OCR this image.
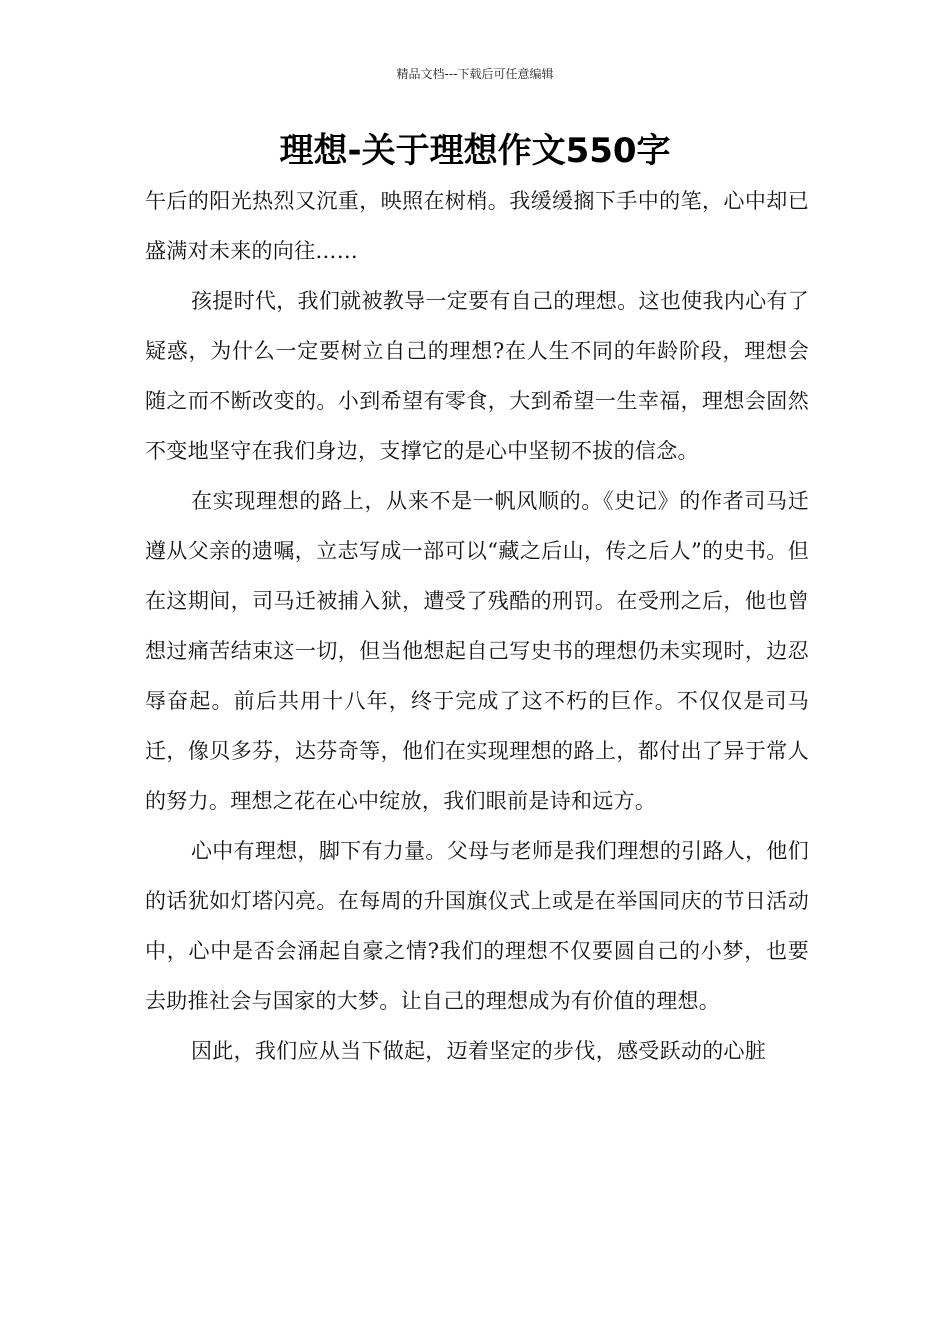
精品文档---下载后可任意编辑
理想-关于理想作文550字

午后的阳光热烈又沉重，映照在树梢。我缓缓搁下手中的笔，心中却已盛满对未来的向往……

孩提时代，我们就被教导一定要有自己的理想。这也使我内心有了疑惑，为什么一定要树立自己的理想?在人生不同的年龄阶段，理想会随之而不断改变的。小到希望有零食，大到希望一生幸福，理想会固然不变地坚守在我们身边，支撑它的是心中坚韧不拔的信念。

在实现理想的路上，从来不是一帆风顺的。《史记》的作者司马迁遵从父亲的遗嘱，立志写成一部可以“藏之后山，传之后人”的史书。但在这期间，司马迁被捕入狱，遭受了残酷的刑罚。在受刑之后，他也曾想过痛苦结束这一切，但当他想起自己写史书的理想仍未实现时，边忍辱奋起。前后共用十八年，终于完成了这不朽的巨作。不仅仅是司马迁，像贝多芬，达芬奇等，他们在实现理想的路上，都付出了异于常人的努力。理想之花在心中绽放，我们眼前是诗和远方。

心中有理想，脚下有力量。父母与老师是我们理想的引路人，他们的话犹如灯塔闪亮。在每周的升国旗仪式上或是在举国同庆的节日活动中，心中是否会涌起自豪之情?我们的理想不仅要圆自己的小梦，也要去助推社会与国家的大梦。让自己的理想成为有价值的理想。

因此，我们应从当下做起，迈着坚定的步伐，感受跃动的心脏
